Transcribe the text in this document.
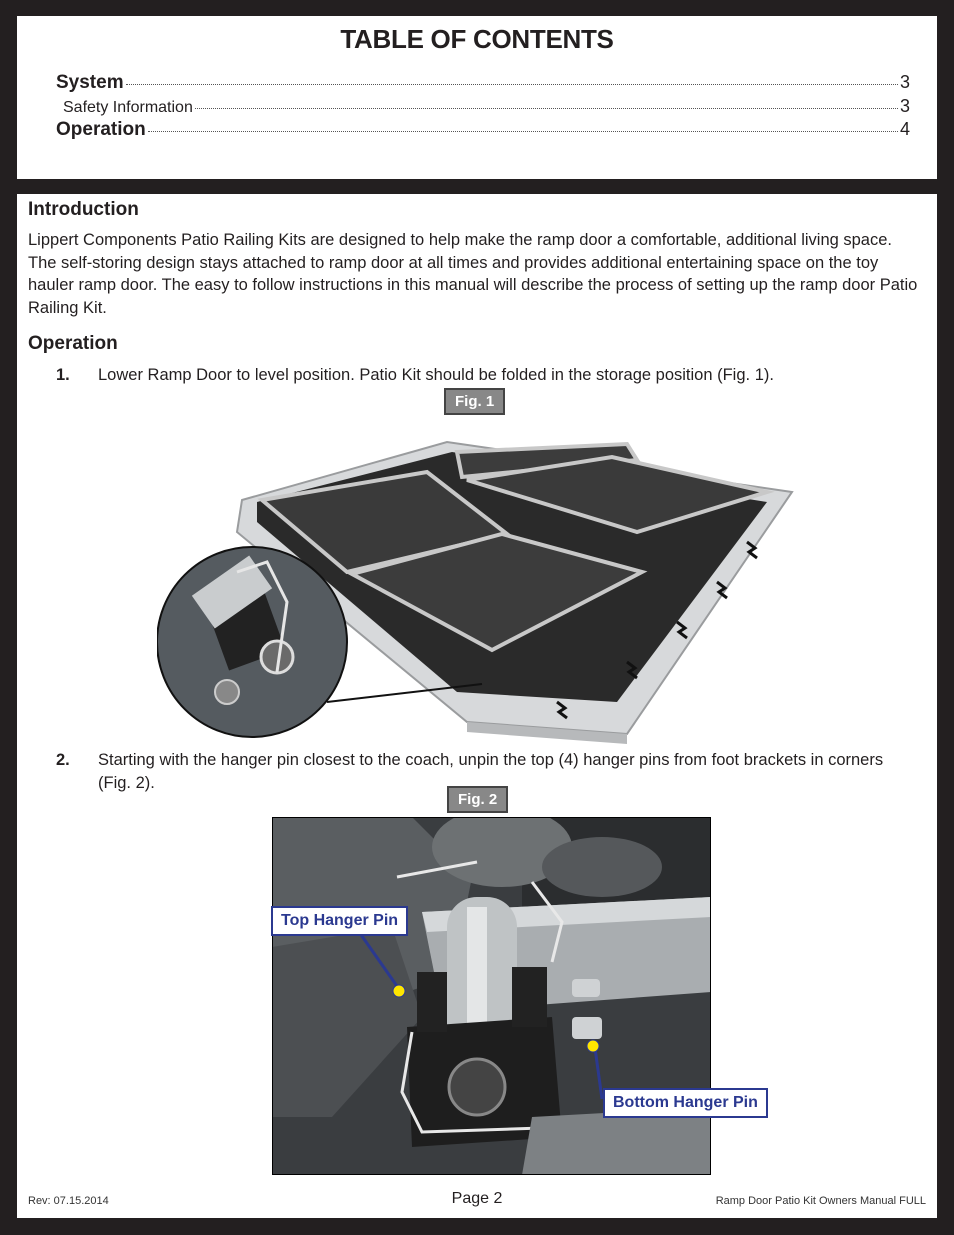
TABLE OF CONTENTS
System	3
Safety Information	3
Operation	4
Introduction

Lippert Components Patio Railing Kits are designed to help make the ramp door a comfortable, additional living space. The self-storing design stays attached to ramp door at all times and provides additional entertaining space on the toy hauler ramp door. The easy to follow instructions in this manual will describe the process of setting up the ramp door Patio Railing Kit.

Operation
1. Lower Ramp Door to level position. Patio Kit should be folded in the storage position (Fig. 1).
Fig. 1
2. Starting with the hanger pin closest to the coach, unpin the top (4) hanger pins from foot brackets in corners (Fig. 2).
Fig. 2
Top Hanger Pin
Bottom Hanger Pin
Rev: 07.15.2014	Page 2	Ramp Door Patio Kit Owners Manual FULL
